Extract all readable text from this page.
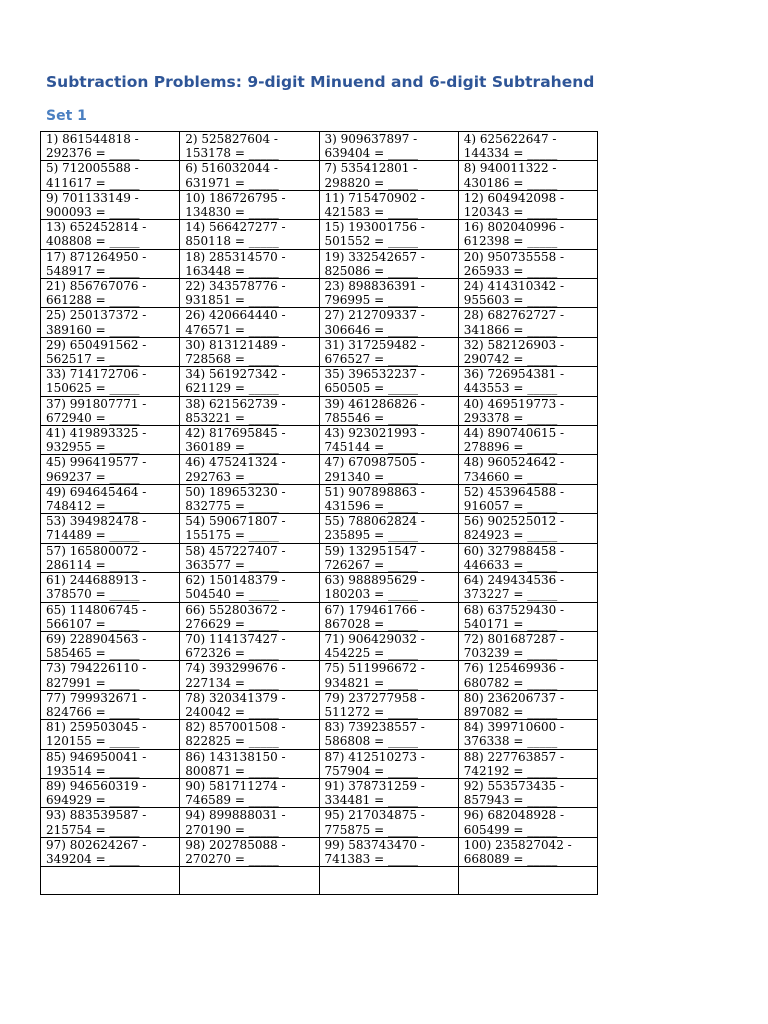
Subtraction Problems: 9-digit Minuend and 6-digit Subtrahend
Set 1
1) 861544818 -
292376 = _____	2) 525827604 -
153178 = _____	3) 909637897 -
639404 = _____	4) 625622647 -
144334 = _____
5) 712005588 -
411617 = _____	6) 516032044 -
631971 = _____	7) 535412801 -
298820 = _____	8) 940011322 -
430186 = _____
9) 701133149 -
900093 = _____	10) 186726795 -
134830 = _____	11) 715470902 -
421583 = _____	12) 604942098 -
120343 = _____
13) 652452814 -
408808 = _____	14) 566427277 -
850118 = _____	15) 193001756 -
501552 = _____	16) 802040996 -
612398 = _____
17) 871264950 -
548917 = _____	18) 285314570 -
163448 = _____	19) 332542657 -
825086 = _____	20) 950735558 -
265933 = _____
21) 856767076 -
661288 = _____	22) 343578776 -
931851 = _____	23) 898836391 -
796995 = _____	24) 414310342 -
955603 = _____
25) 250137372 -
389160 = _____	26) 420664440 -
476571 = _____	27) 212709337 -
306646 = _____	28) 682762727 -
341866 = _____
29) 650491562 -
562517 = _____	30) 813121489 -
728568 = _____	31) 317259482 -
676527 = _____	32) 582126903 -
290742 = _____
33) 714172706 -
150625 = _____	34) 561927342 -
621129 = _____	35) 396532237 -
650505 = _____	36) 726954381 -
443553 = _____
37) 991807771 -
672940 = _____	38) 621562739 -
853221 = _____	39) 461286826 -
785546 = _____	40) 469519773 -
293378 = _____
41) 419893325 -
932955 = _____	42) 817695845 -
360189 = _____	43) 923021993 -
745144 = _____	44) 890740615 -
278896 = _____
45) 996419577 -
969237 = _____	46) 475241324 -
292763 = _____	47) 670987505 -
291340 = _____	48) 960524642 -
734660 = _____
49) 694645464 -
748412 = _____	50) 189653230 -
832775 = _____	51) 907898863 -
431596 = _____	52) 453964588 -
916057 = _____
53) 394982478 -
714489 = _____	54) 590671807 -
155175 = _____	55) 788062824 -
235895 = _____	56) 902525012 -
824923 = _____
57) 165800072 -
286114 = _____	58) 457227407 -
363577 = _____	59) 132951547 -
726267 = _____	60) 327988458 -
446633 = _____
61) 244688913 -
378570 = _____	62) 150148379 -
504540 = _____	63) 988895629 -
180203 = _____	64) 249434536 -
373227 = _____
65) 114806745 -
566107 = _____	66) 552803672 -
276629 = _____	67) 179461766 -
867028 = _____	68) 637529430 -
540171 = _____
69) 228904563 -
585465 = _____	70) 114137427 -
672326 = _____	71) 906429032 -
454225 = _____	72) 801687287 -
703239 = _____
73) 794226110 -
827991 = _____	74) 393299676 -
227134 = _____	75) 511996672 -
934821 = _____	76) 125469936 -
680782 = _____
77) 799932671 -
824766 = _____	78) 320341379 -
240042 = _____	79) 237277958 -
511272 = _____	80) 236206737 -
897082 = _____
81) 259503045 -
120155 = _____	82) 857001508 -
822825 = _____	83) 739238557 -
586808 = _____	84) 399710600 -
376338 = _____
85) 946950041 -
193514 = _____	86) 143138150 -
800871 = _____	87) 412510273 -
757904 = _____	88) 227763857 -
742192 = _____
89) 946560319 -
694929 = _____	90) 581711274 -
746589 = _____	91) 378731259 -
334481 = _____	92) 553573435 -
857943 = _____
93) 883539587 -
215754 = _____	94) 899888031 -
270190 = _____	95) 217034875 -
775875 = _____	96) 682048928 -
605499 = _____
97) 802624267 -
349204 = _____	98) 202785088 -
270270 = _____	99) 583743470 -
741383 = _____	100) 235827042 -
668089 = _____
